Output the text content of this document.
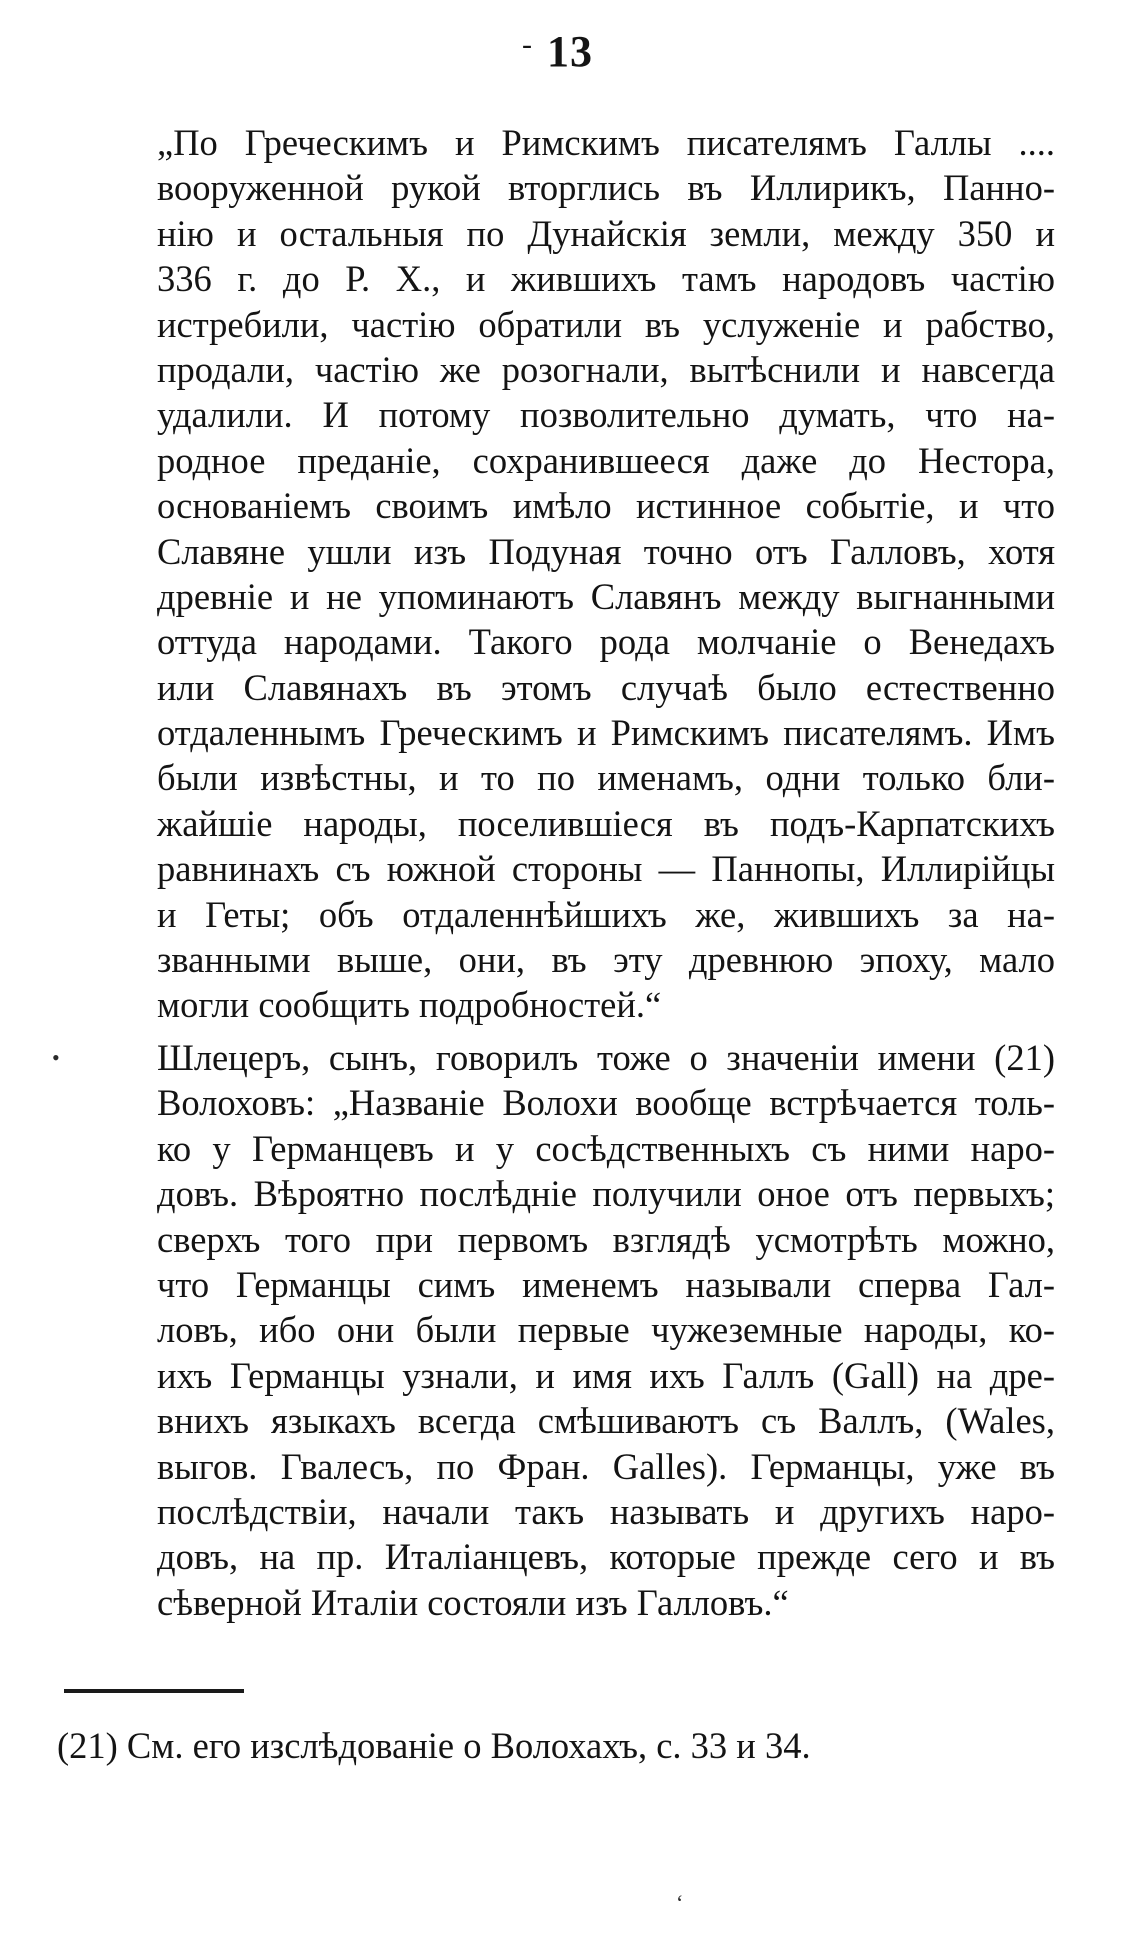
- 13
„По Греческимъ и Римскимъ писателямъ Галлы ....
вооруженной рукой вторглись въ Иллирикъ, Панно-
нію и остальныя по Дунайскія земли, между 350 и
336 г. до Р. Х., и жившихъ тамъ народовъ частію
истребили, частію обратили въ услуженіе и рабство,
продали, частію же розогнали, вытѣснили и навсегда
удалили. И потому позволительно думать, что на-
родное преданіе, сохранившееся даже до Нестора,
основаніемъ своимъ имѣло истинное событіе, и что
Славяне ушли изъ Подуная точно отъ Галловъ, хотя
древніе и не упоминаютъ Славянъ между выгнанными
оттуда народами. Такого рода молчаніе о Венедахъ
или Славянахъ въ этомъ случаѣ было естественно
отдаленнымъ Греческимъ и Римскимъ писателямъ. Имъ
были извѣстны, и то по именамъ, одни только бли-
жайшіе народы, поселившіеся въ подъ-Карпатскихъ
равнинахъ съ южной стороны — Паннопы, Иллирійцы
и Геты; объ отдаленнѣйшихъ же, жившихъ за на-
званными выше, они, въ эту древнюю эпоху, мало
могли сообщить подробностей.“
•	Шлецеръ, сынъ, говорилъ тоже о значеніи имени (21)
Волоховъ: „Названіе Волохи вообще встрѣчается толь-
ко у Германцевъ и у сосѣдственныхъ съ ними наро-
довъ. Вѣроятно послѣдніе получили оное отъ первыхъ;
сверхъ того при первомъ взглядѣ усмотрѣть можно,
что Германцы симъ именемъ называли сперва Гал-
ловъ, ибо они были первые чужеземные народы, ко-
ихъ Германцы узнали, и имя ихъ Галлъ (Gall) на дре-
внихъ языкахъ всегда смѣшиваютъ съ Валлъ, (Wales,
выгов. Гвалесъ, по Фран. Galles). Германцы, уже въ
послѣдствіи, начали такъ называть и другихъ наро-
довъ, на пр. Италіанцевъ, которые прежде сего и въ
сѣверной Италіи состояли изъ Галловъ.“
(21) См. его изслѣдованіе о Волохахъ, с. 33 и 34.
‘
